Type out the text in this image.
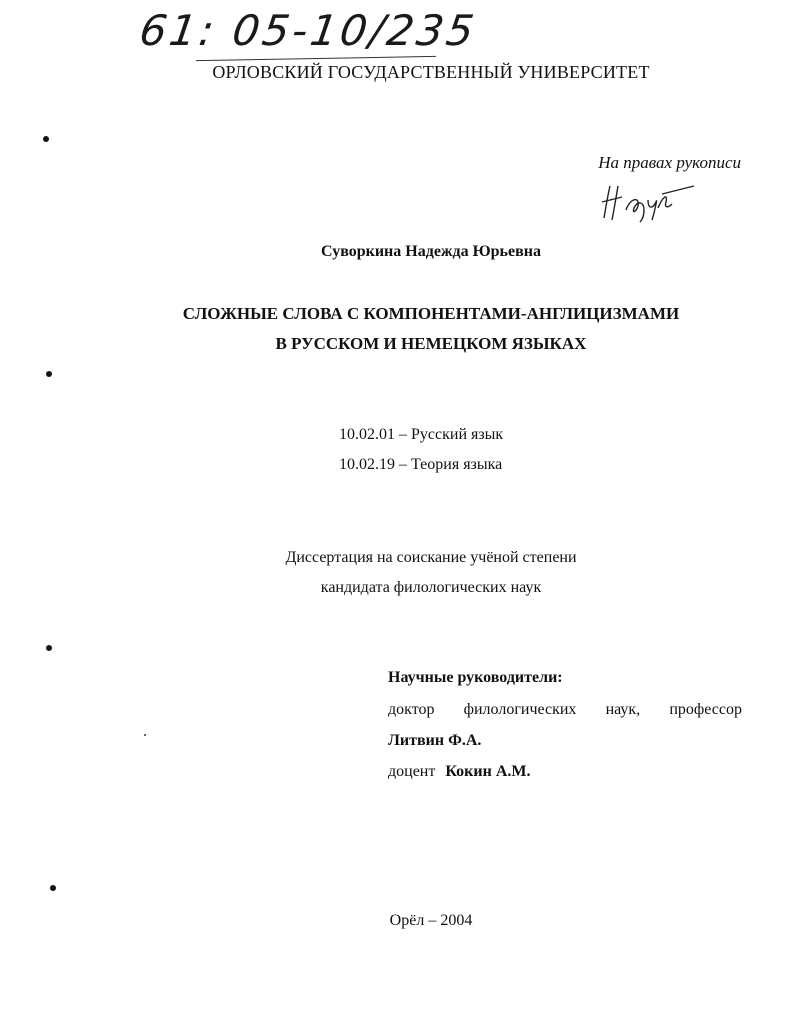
61: 05-10/235
ОРЛОВСКИЙ ГОСУДАРСТВЕННЫЙ УНИВЕРСИТЕТ
На правах рукописи
Суворкина Надежда Юрьевна
СЛОЖНЫЕ СЛОВА С КОМПОНЕНТАМИ-АНГЛИЦИЗМАМИ
В РУССКОМ И НЕМЕЦКОМ ЯЗЫКАХ
10.02.01 – Русский язык
10.02.19 – Теория языка
Диссертация на соискание учёной степени
кандидата филологических наук
Научные руководители:
доктор филологических наук, профессор
Литвин Ф.А.
доцент Кокин А.М.
Орёл – 2004
